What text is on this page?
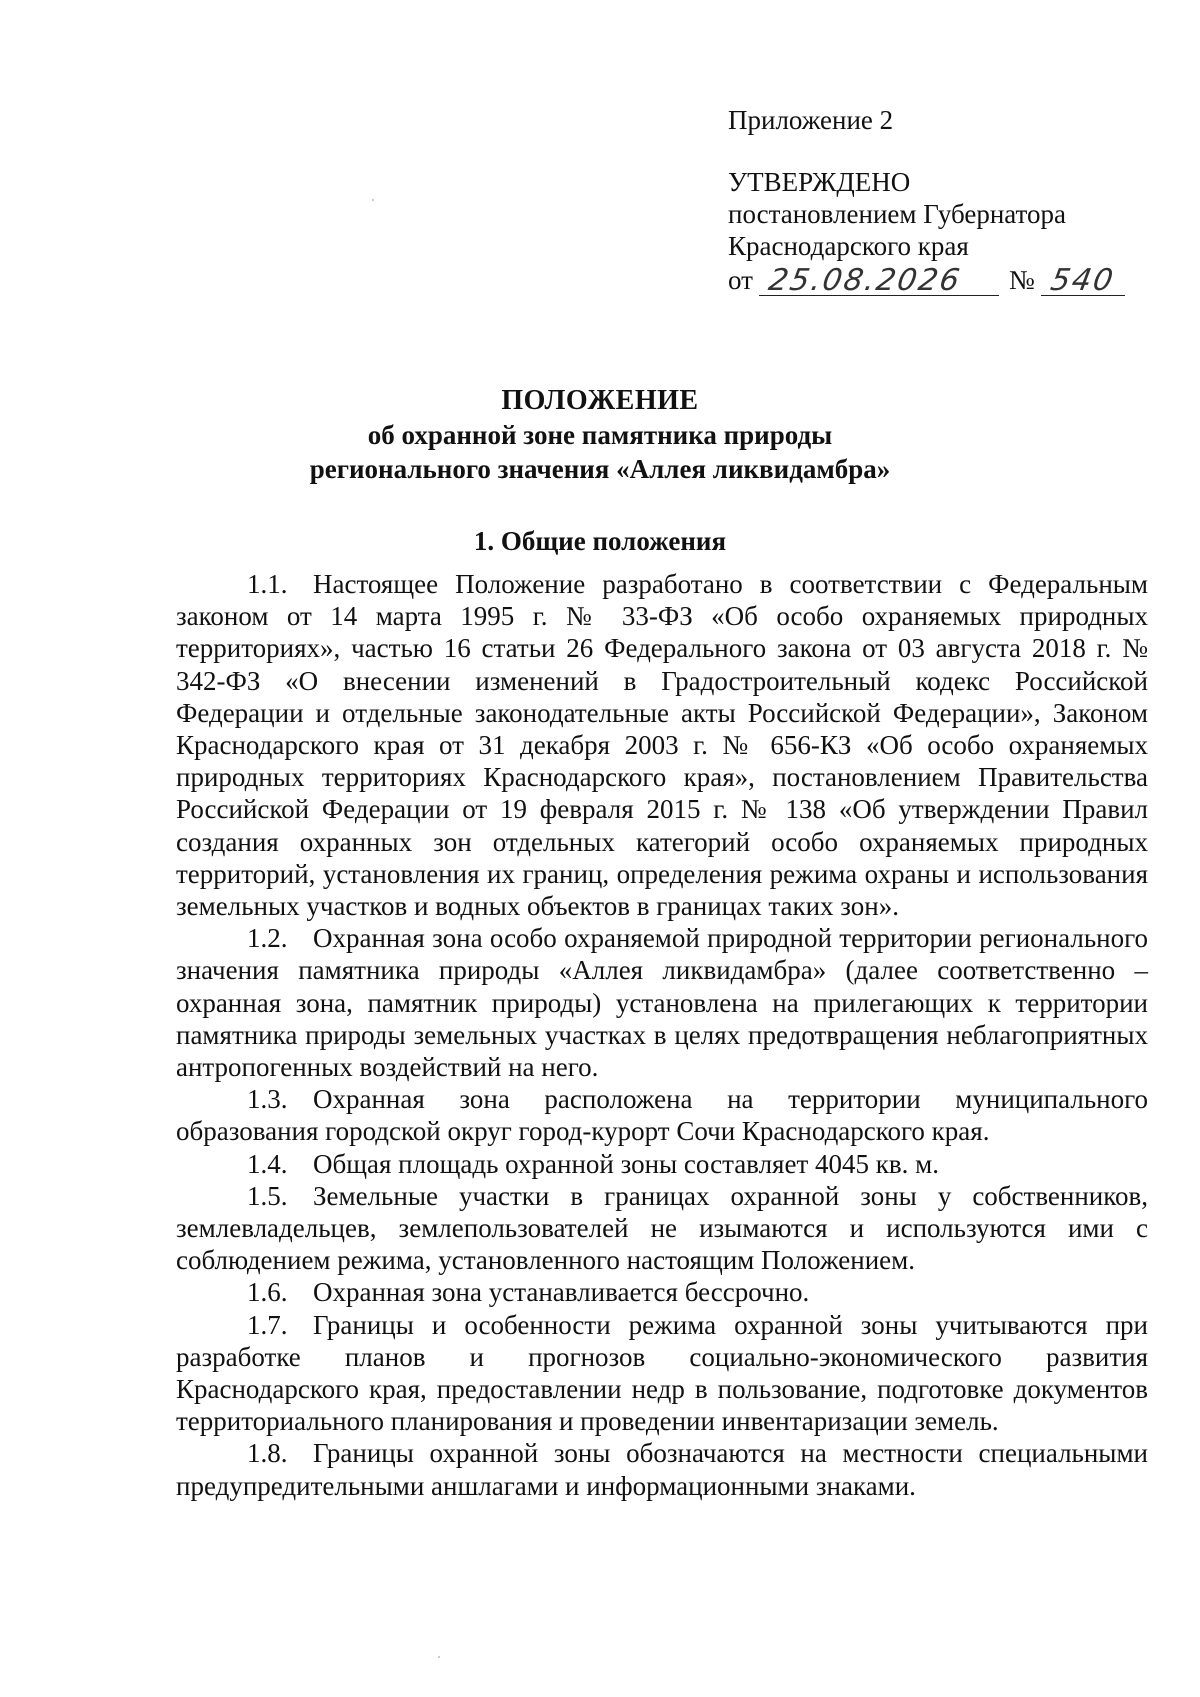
Приложение 2
УТВЕРЖДЕНО
постановлением Губернатора
Краснодарского края
от 25.08.2026 № 540
ПОЛОЖЕНИЕ
об охранной зоне памятника природы
регионального значения «Аллея ликвидамбра»
1. Общие положения

1.1. Настоящее Положение разработано в соответствии с Федеральным законом от 14 марта 1995 г. № 33-ФЗ «Об особо охраняемых природных территориях», частью 16 статьи 26 Федерального закона от 03 августа 2018 г. № 342-ФЗ «О внесении изменений в Градостроительный кодекс Российской Федерации и отдельные законодательные акты Российской Федерации», Законом Краснодарского края от 31 декабря 2003 г. № 656-КЗ «Об особо охраняемых природных территориях Краснодарского края», постановлением Правительства Российской Федерации от 19 февраля 2015 г. № 138 «Об утверждении Правил создания охранных зон отдельных категорий особо охраняемых природных территорий, установления их границ, определения режима охраны и использования земельных участков и водных объектов в границах таких зон».

1.2. Охранная зона особо охраняемой природной территории регионального значения памятника природы «Аллея ликвидамбра» (далее соответственно – охранная зона, памятник природы) установлена на прилегающих к территории памятника природы земельных участках в целях предотвращения неблагоприятных антропогенных воздействий на него.

1.3. Охранная зона расположена на территории муниципального образования городской округ город-курорт Сочи Краснодарского края.

1.4. Общая площадь охранной зоны составляет 4045 кв. м.

1.5. Земельные участки в границах охранной зоны у собственников, землевладельцев, землепользователей не изымаются и используются ими с соблюдением режима, установленного настоящим Положением.

1.6. Охранная зона устанавливается бессрочно.

1.7. Границы и особенности режима охранной зоны учитываются при разработке планов и прогнозов социально-экономического развития Краснодарского края, предоставлении недр в пользование, подготовке документов территориального планирования и проведении инвентаризации земель.

1.8. Границы охранной зоны обозначаются на местности специальными предупредительными аншлагами и информационными знаками.
